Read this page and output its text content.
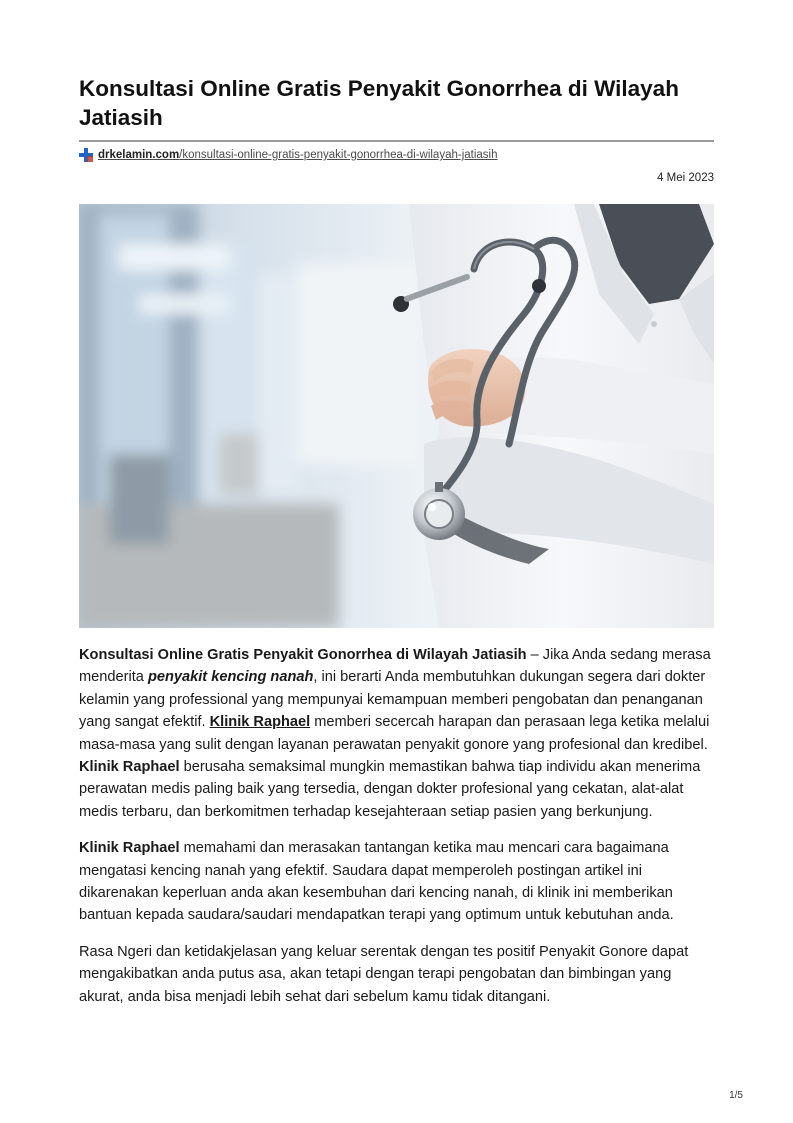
Konsultasi Online Gratis Penyakit Gonorrhea di Wilayah Jatiasih
drkelamin.com/konsultasi-online-gratis-penyakit-gonorrhea-di-wilayah-jatiasih
4 Mei 2023

Konsultasi Online Gratis Penyakit Gonorrhea di Wilayah Jatiasih – Jika Anda sedang merasa menderita penyakit kencing nanah, ini berarti Anda membutuhkan dukungan segera dari dokter kelamin yang professional yang mempunyai kemampuan memberi pengobatan dan penanganan yang sangat efektif. Klinik Raphael memberi secercah harapan dan perasaan lega ketika melalui masa-masa yang sulit dengan layanan perawatan penyakit gonore yang profesional dan kredibel. Klinik Raphael berusaha semaksimal mungkin memastikan bahwa tiap individu akan menerima perawatan medis paling baik yang tersedia, dengan dokter profesional yang cekatan, alat-alat medis terbaru, dan berkomitmen terhadap kesejahteraan setiap pasien yang berkunjung.

Klinik Raphael memahami dan merasakan tantangan ketika mau mencari cara bagaimana mengatasi kencing nanah yang efektif. Saudara dapat memperoleh postingan artikel ini dikarenakan keperluan anda akan kesembuhan dari kencing nanah, di klinik ini memberikan bantuan kepada saudara/saudari mendapatkan terapi yang optimum untuk kebutuhan anda.

Rasa Ngeri dan ketidakjelasan yang keluar serentak dengan tes positif Penyakit Gonore dapat mengakibatkan anda putus asa, akan tetapi dengan terapi pengobatan dan bimbingan yang akurat, anda bisa menjadi lebih sehat dari sebelum kamu tidak ditangani.

1/5
